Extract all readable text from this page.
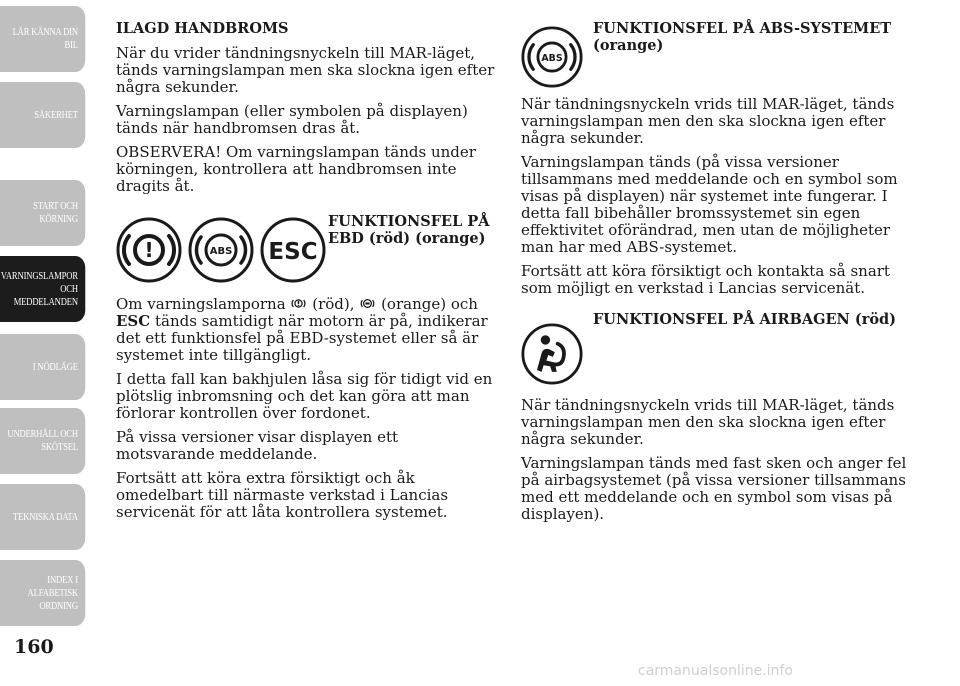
LÄR KÄNNA DIN BIL
SÄKERHET
START OCH KÖRNING
VARNINGSLAMPOR OCH MEDDELANDEN
I NÖDLÄGE
UNDERHÅLL OCH SKÖTSEL
TEKNISKA DATA
INDEX I ALFABETISK ORDNING
160
ILAGD HANDBROMS

När du vrider tändningsnyckeln till MAR-läget, tänds varningslampan men ska slockna igen efter några sekunder.

Varningslampan (eller symbolen på displayen) tänds när handbromsen dras åt.

OBSERVERA! Om varningslampan tänds under körningen, kontrollera att handbromsen inte dragits åt.

!	ABS ESC
FUNKTIONSFEL PÅ EBD (röd) (orange)

Om varningslamporna (röd), (orange) och ESC tänds samtidigt när motorn är på, indikerar det ett funktionsfel på EBD-systemet eller så är systemet inte tillgängligt.

I detta fall kan bakhjulen låsa sig för tidigt vid en plötslig inbromsning och det kan göra att man förlorar kontrollen över fordonet.

På vissa versioner visar displayen ett motsvarande meddelande.

Fortsätt att köra extra försiktigt och åk omedelbart till närmaste verkstad i Lancias servicenät för att låta kontrollera systemet.

ABS
FUNKTIONSFEL PÅ ABS-SYSTEMET (orange)

När tändningsnyckeln vrids till MAR-läget, tänds varningslampan men den ska slockna igen efter några sekunder.

Varningslampan tänds (på vissa versioner tillsammans med meddelande och en symbol som visas på displayen) när systemet inte fungerar. I detta fall bibehåller bromssystemet sin egen effektivitet oförändrad, men utan de möjligheter man har med ABS-systemet.

Fortsätt att köra försiktigt och kontakta så snart som möjligt en verkstad i Lancias servicenät.

FUNKTIONSFEL PÅ AIRBAGEN (röd)

När tändningsnyckeln vrids till MAR-läget, tänds varningslampan men den ska slockna igen efter några sekunder.

Varningslampan tänds med fast sken och anger fel på airbagsystemet (på vissa versioner tillsammans med ett meddelande och en symbol som visas på displayen).

carmanualsonline.info
